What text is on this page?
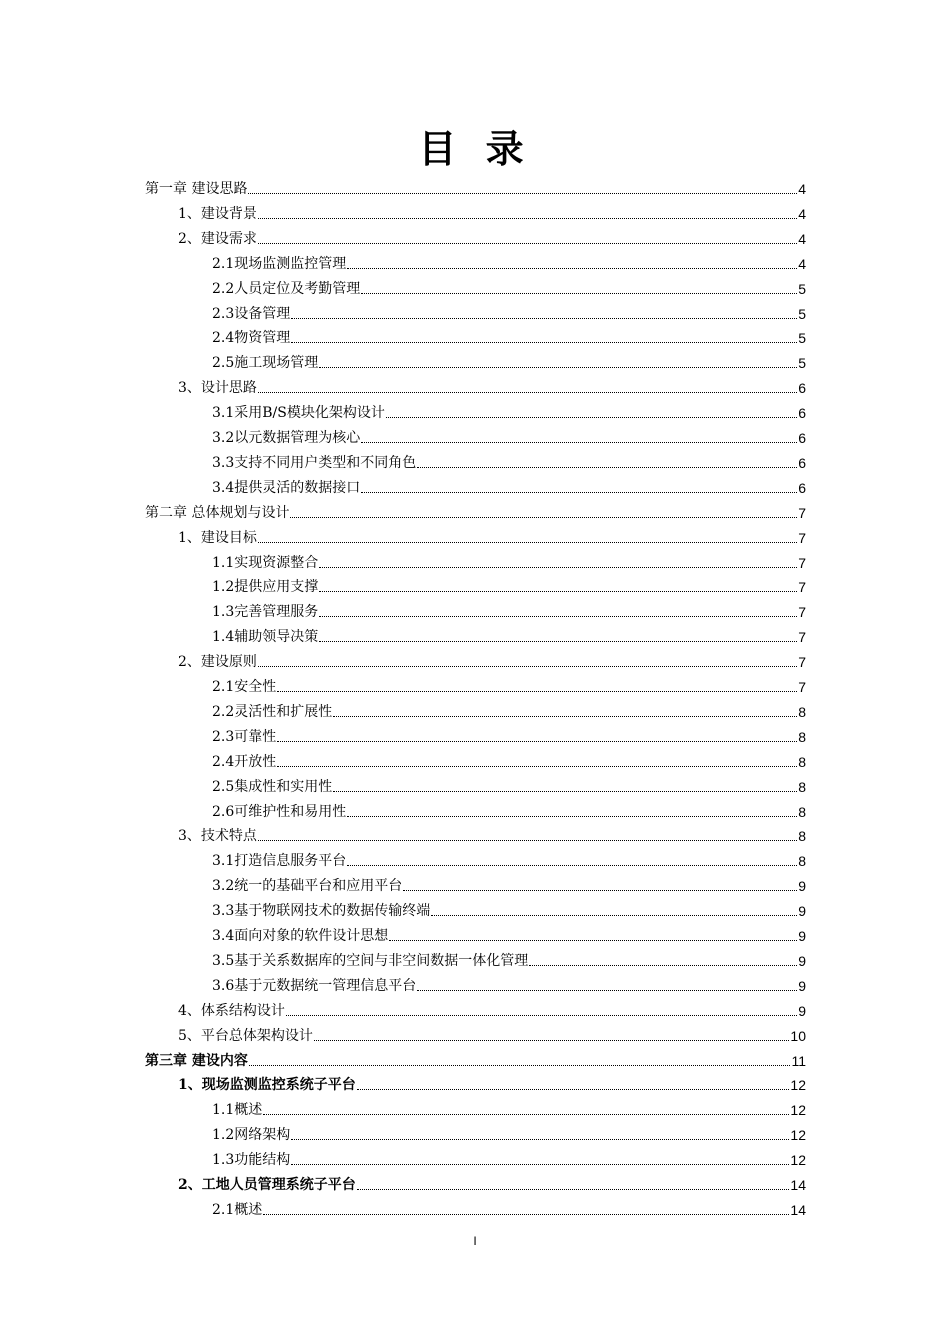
目 录
第一章 建设思路	4
1、建设背景	4
2、建设需求	4
2.1现场监测监控管理	4
2.2人员定位及考勤管理	5
2.3设备管理	5
2.4物资管理	5
2.5施工现场管理	5
3、设计思路	6
3.1采用B/S模块化架构设计	6
3.2以元数据管理为核心	6
3.3支持不同用户类型和不同角色	6
3.4提供灵活的数据接口	6
第二章 总体规划与设计	7
1、建设目标	7
1.1实现资源整合	7
1.2提供应用支撑	7
1.3完善管理服务	7
1.4辅助领导决策	7
2、建设原则	7
2.1安全性	7
2.2灵活性和扩展性	8
2.3可靠性	8
2.4开放性	8
2.5集成性和实用性	8
2.6可维护性和易用性	8
3、技术特点	8
3.1打造信息服务平台	8
3.2统一的基础平台和应用平台	9
3.3基于物联网技术的数据传输终端	9
3.4面向对象的软件设计思想	9
3.5基于关系数据库的空间与非空间数据一体化管理	9
3.6基于元数据统一管理信息平台	9
4、体系结构设计	9
5、平台总体架构设计	10
第三章 建设内容	11
1、现场监测监控系统子平台	12
1.1概述	12
1.2网络架构	12
1.3功能结构	12
2、工地人员管理系统子平台	14
2.1概述	14
I
